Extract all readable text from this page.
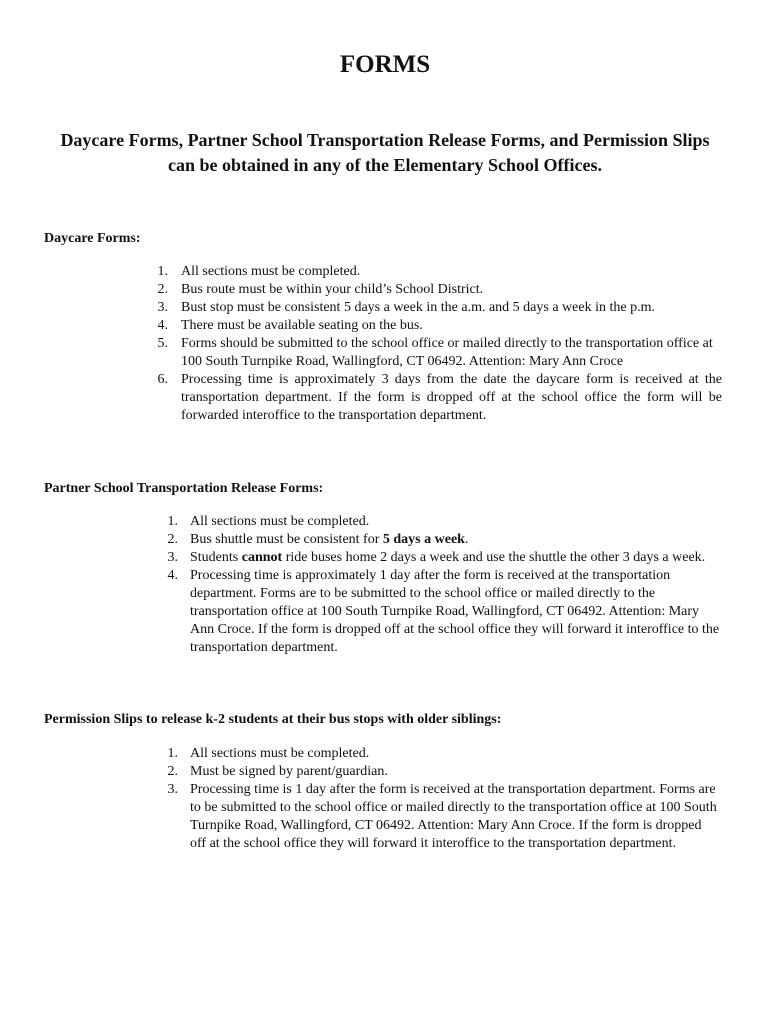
FORMS

Daycare Forms, Partner School Transportation Release Forms, and Permission Slips can be obtained in any of the Elementary School Offices.

Daycare Forms:

1. All sections must be completed.
2. Bus route must be within your child’s School District.
3. Bust stop must be consistent 5 days a week in the a.m. and 5 days a week in the p.m.
4. There must be available seating on the bus.
5. Forms should be submitted to the school office or mailed directly to the transportation office at 100 South Turnpike Road, Wallingford, CT 06492. Attention: Mary Ann Croce
6. Processing time is approximately 3 days from the date the daycare form is received at the transportation department. If the form is dropped off at the school office the form will be forwarded interoffice to the transportation department.

Partner School Transportation Release Forms:

1. All sections must be completed.
2. Bus shuttle must be consistent for 5 days a week.
3. Students cannot ride buses home 2 days a week and use the shuttle the other 3 days a week.
4. Processing time is approximately 1 day after the form is received at the transportation department. Forms are to be submitted to the school office or mailed directly to the transportation office at 100 South Turnpike Road, Wallingford, CT 06492. Attention: Mary Ann Croce. If the form is dropped off at the school office they will forward it interoffice to the transportation department.

Permission Slips to release k-2 students at their bus stops with older siblings:

1. All sections must be completed.
2. Must be signed by parent/guardian.
3. Processing time is 1 day after the form is received at the transportation department. Forms are to be submitted to the school office or mailed directly to the transportation office at 100 South Turnpike Road, Wallingford, CT 06492. Attention: Mary Ann Croce. If the form is dropped off at the school office they will forward it interoffice to the transportation department.
